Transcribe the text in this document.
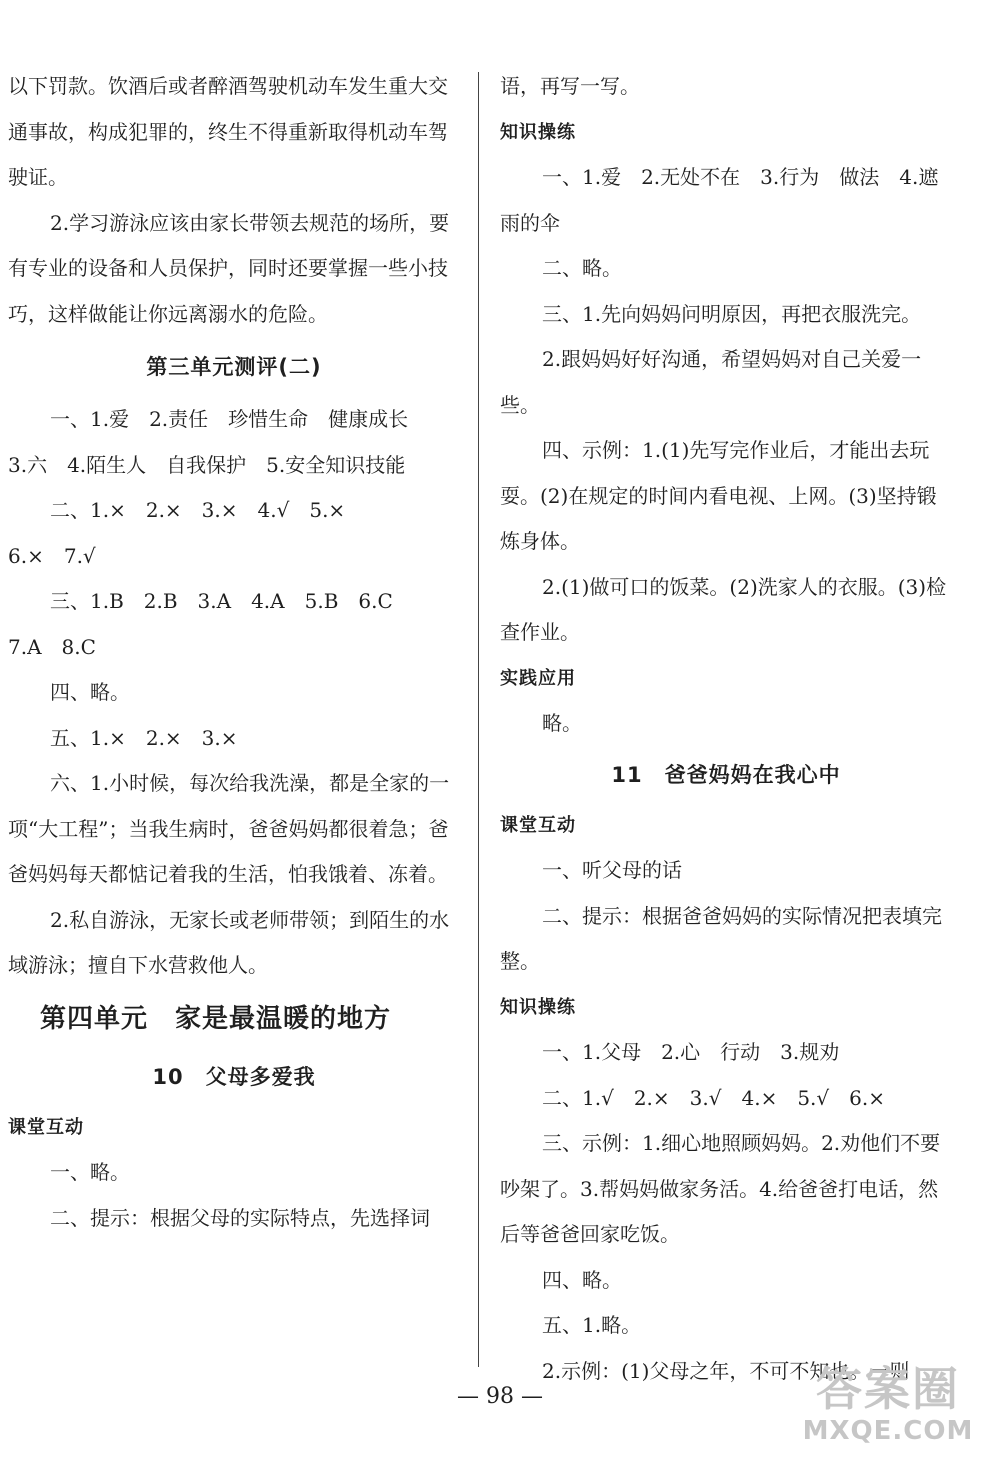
以下罚款。饮酒后或者醉酒驾驶机动车发生重大交通事故，构成犯罪的，终生不得重新取得机动车驾驶证。
2.学习游泳应该由家长带领去规范的场所，要有专业的设备和人员保护，同时还要掌握一些小技巧，这样做能让你远离溺水的危险。
第三单元测评(二)
一、1.爱　2.责任　珍惜生命　健康成长
3.六　4.陌生人　自我保护　5.安全知识技能
二、1.×　2.×　3.×　4.√　5.×
6.×　7.√
三、1.B　2.B　3.A　4.A　5.B　6.C
7.A　8.C
四、略。
五、1.×　2.×　3.×
六、1.小时候，每次给我洗澡，都是全家的一项“大工程”；当我生病时，爸爸妈妈都很着急；爸爸妈妈每天都惦记着我的生活，怕我饿着、冻着。
2.私自游泳，无家长或老师带领；到陌生的水域游泳；擅自下水营救他人。
第四单元　家是最温暖的地方
10　父母多爱我
课堂互动
一、略。
二、提示：根据父母的实际特点，先选择词
语，再写一写。
知识操练
一、1.爱　2.无处不在　3.行为　做法　4.遮雨的伞
二、略。
三、1.先向妈妈问明原因，再把衣服洗完。
2.跟妈妈好好沟通，希望妈妈对自己关爱一些。
四、示例：1.(1)先写完作业后，才能出去玩耍。(2)在规定的时间内看电视、上网。(3)坚持锻炼身体。
2.(1)做可口的饭菜。(2)洗家人的衣服。(3)检查作业。
实践应用
略。
11　爸爸妈妈在我心中
课堂互动
一、听父母的话
二、提示：根据爸爸妈妈的实际情况把表填完整。
知识操练
一、1.父母　2.心　行动　3.规劝
二、1.√　2.×　3.√　4.×　5.√　6.×
三、示例：1.细心地照顾妈妈。2.劝他们不要吵架了。3.帮妈妈做家务活。4.给爸爸打电话，然后等爸爸回家吃饭。
四、略。
五、1.略。
2.示例：(1)父母之年，不可不知也。一则
— 98 —	答案圈
MXQE.COM
